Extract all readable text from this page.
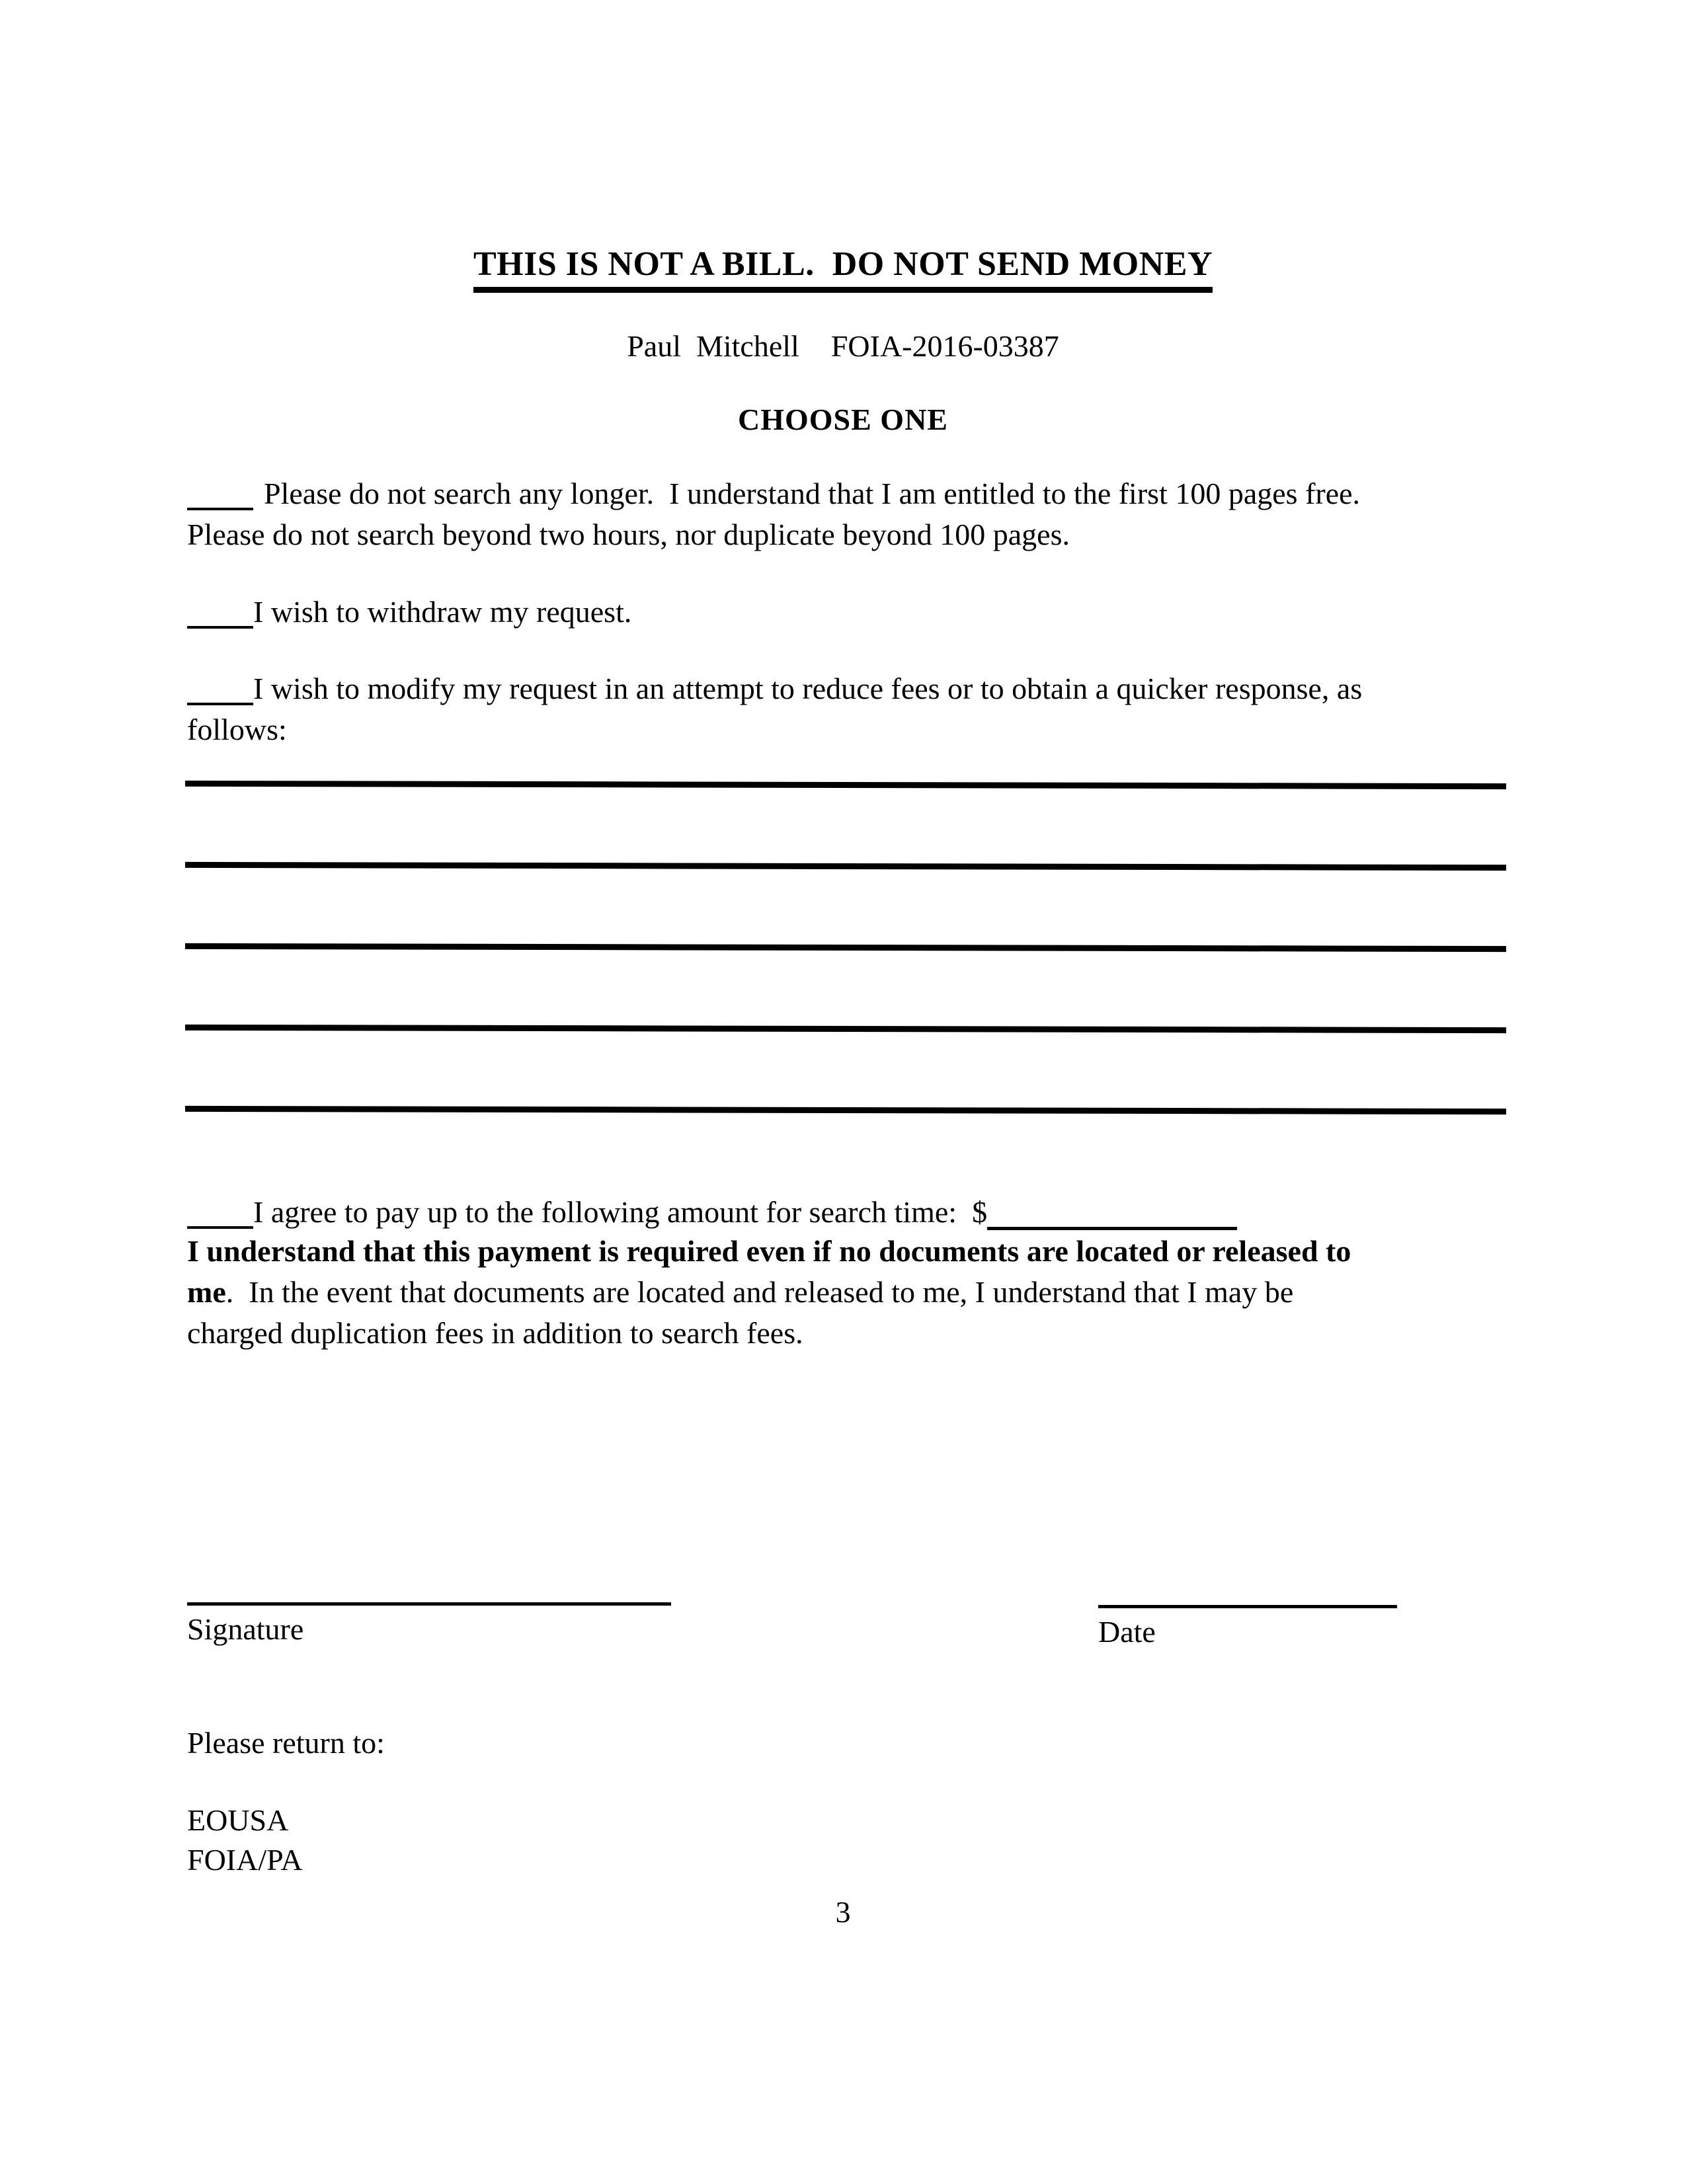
THIS IS NOT A BILL.  DO NOT SEND MONEY
Paul  Mitchell FOIA-2016-03387
CHOOSE ONE
Please do not search any longer.  I understand that I am entitled to the first 100 pages free.
Please do not search beyond two hours, nor duplicate beyond 100 pages.
I wish to withdraw my request.
I wish to modify my request in an attempt to reduce fees or to obtain a quicker response, as
follows:
I agree to pay up to the following amount for search time:  $
I understand that this payment is required even if no documents are located or released to
me.  In the event that documents are located and released to me, I understand that I may be
charged duplication fees in addition to search fees.
Signature	Date
Please return to:
EOUSA
FOIA/PA
3
